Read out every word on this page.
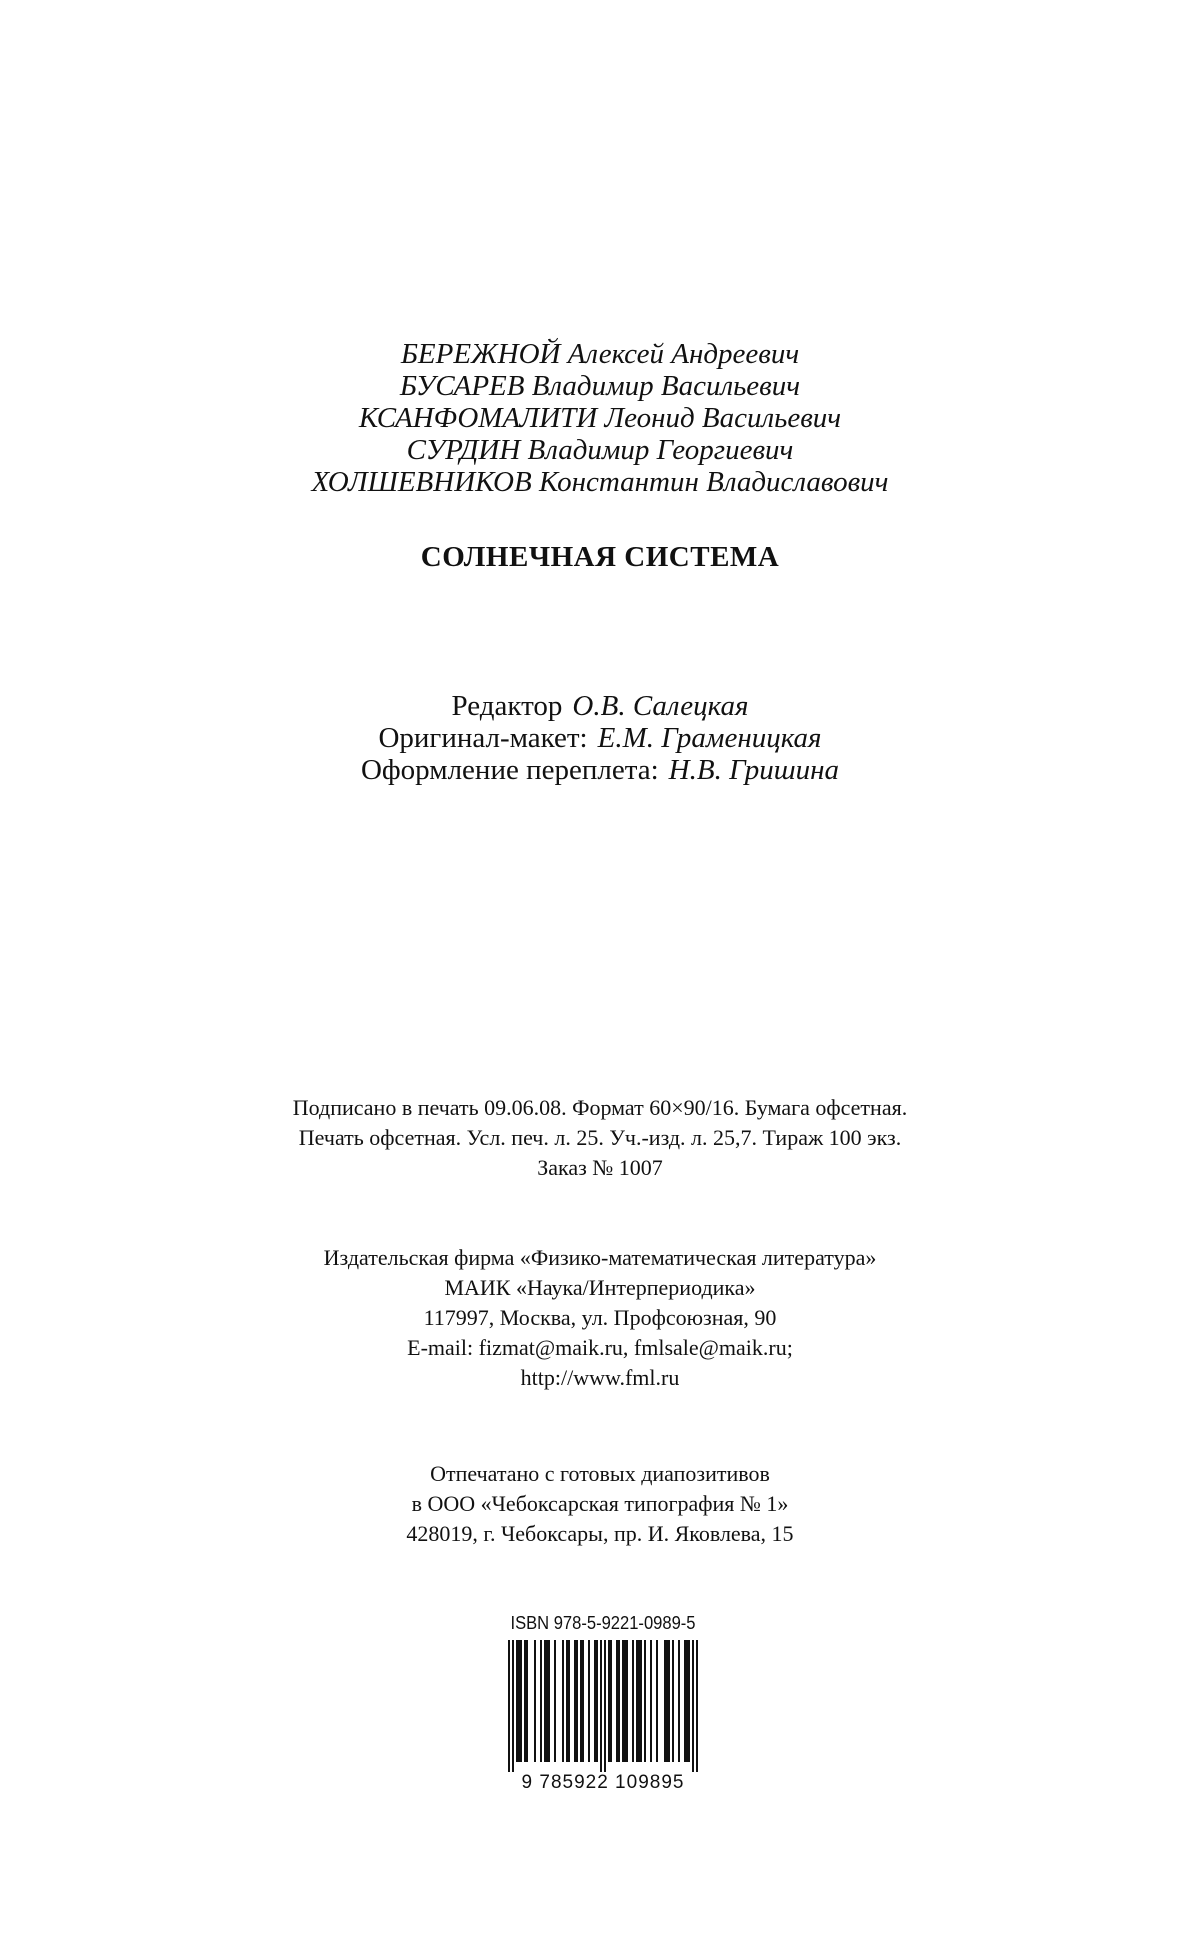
БЕРЕЖНОЙ Алексей Андреевич
БУСАРЕВ Владимир Васильевич
КСАНФОМАЛИТИ Леонид Васильевич
СУРДИН Владимир Георгиевич
ХОЛШЕВНИКОВ Константин Владиславович
СОЛНЕЧНАЯ СИСТЕМА
Редактор О.В. Салецкая
Оригинал-макет: Е.М. Граменицкая
Оформление переплета: Н.В. Гришина
Подписано в печать 09.06.08. Формат 60×90/16. Бумага офсетная.
Печать офсетная. Усл. печ. л. 25. Уч.-изд. л. 25,7. Тираж 100 экз.
Заказ № 1007
Издательская фирма «Физико-математическая литература»
МАИК «Наука/Интерпериодика»
117997, Москва, ул. Профсоюзная, 90
E-mail: fizmat@maik.ru, fmlsale@maik.ru;
http://www.fml.ru
Отпечатано с готовых диапозитивов
в ООО «Чебоксарская типография № 1»
428019, г. Чебоксары, пр. И. Яковлева, 15
ISBN 978-5-9221-0989-5
9 785922 109895
